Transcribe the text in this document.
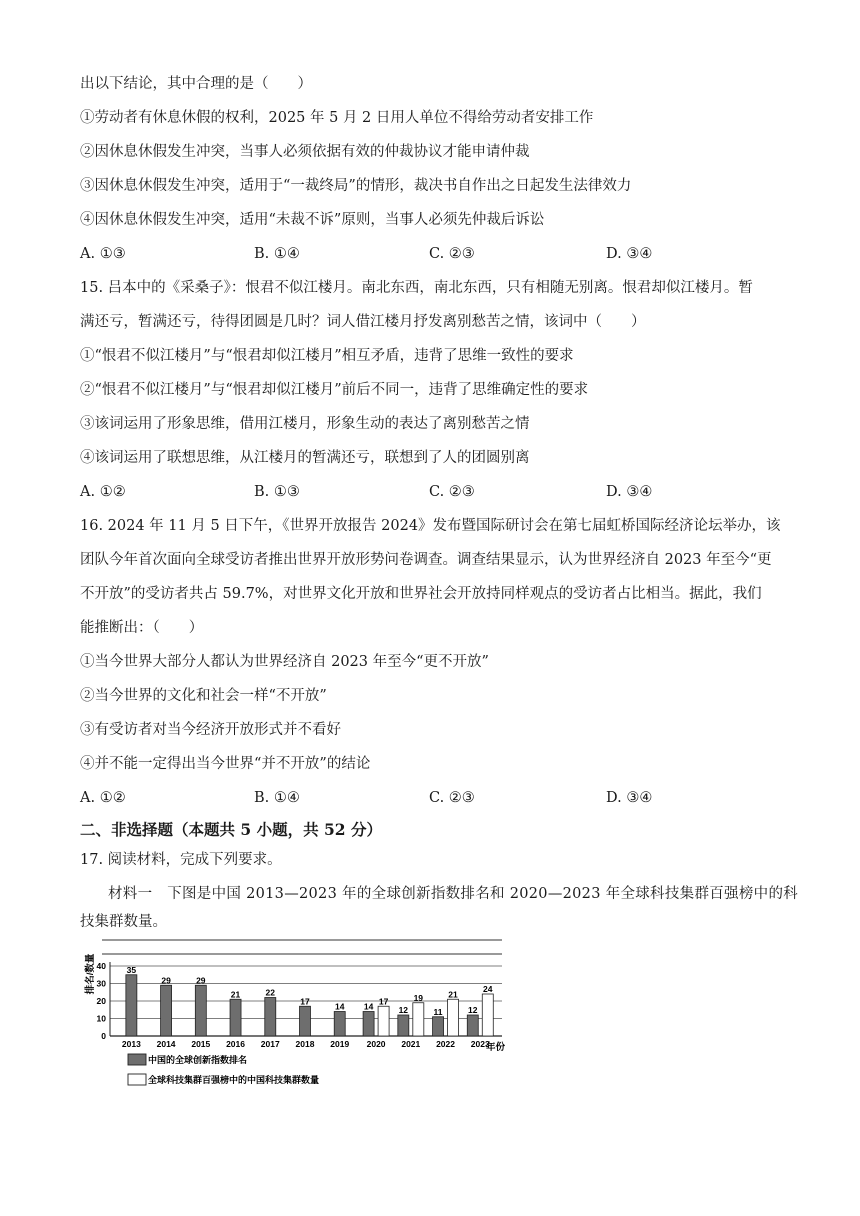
出以下结论，其中合理的是（　　）
①劳动者有休息休假的权利，2025 年 5 月 2 日用人单位不得给劳动者安排工作
②因休息休假发生冲突，当事人必须依据有效的仲裁协议才能申请仲裁
③因休息休假发生冲突，适用于“一裁终局”的情形，裁决书自作出之日起发生法律效力
④因休息休假发生冲突，适用“未裁不诉”原则，当事人必须先仲裁后诉讼
A. ①③	B. ①④	C. ②③	D. ③④
15. 吕本中的《采桑子》：恨君不似江楼月。南北东西，南北东西，只有相随无别离。恨君却似江楼月。暂
满还亏，暂满还亏，待得团圆是几时？词人借江楼月抒发离别愁苦之情，该词中（　　）
①“恨君不似江楼月”与“恨君却似江楼月”相互矛盾，违背了思维一致性的要求
②“恨君不似江楼月”与“恨君却似江楼月”前后不同一，违背了思维确定性的要求
③该词运用了形象思维，借用江楼月，形象生动的表达了离别愁苦之情
④该词运用了联想思维，从江楼月的暂满还亏，联想到了人的团圆别离
A. ①②	B. ①③	C. ②③	D. ③④
16. 2024 年 11 月 5 日下午，《世界开放报告 2024》发布暨国际研讨会在第七届虹桥国际经济论坛举办，该
团队今年首次面向全球受访者推出世界开放形势问卷调查。调查结果显示，认为世界经济自 2023 年至今“更
不开放”的受访者共占 59.7%，对世界文化开放和世界社会开放持同样观点的受访者占比相当。据此，我们
能推断出：（　　）
①当今世界大部分人都认为世界经济自 2023 年至今“更不开放”
②当今世界的文化和社会一样“不开放”
③有受访者对当今经济开放形式并不看好
④并不能一定得出当今世界“并不开放”的结论
A. ①②	B. ①④	C. ②③	D. ③④
二、非选择题（本题共 5 小题，共 52 分）
17. 阅读材料，完成下列要求。
材料一　下图是中国 2013—2023 年的全球创新指数排名和 2020—2023 年全球科技集群百强榜中的科
技集群数量。
0
10
20
30
40 35
29	29
21	22
17
14 14
17
12
19
11
21
12
24
2013 2014 2015 2016 2017 2018 2019 2020 2021 2022 2023
排名/数量
年份
中国的全球创新指数排名
全球科技集群百强榜中的中国科技集群数量
